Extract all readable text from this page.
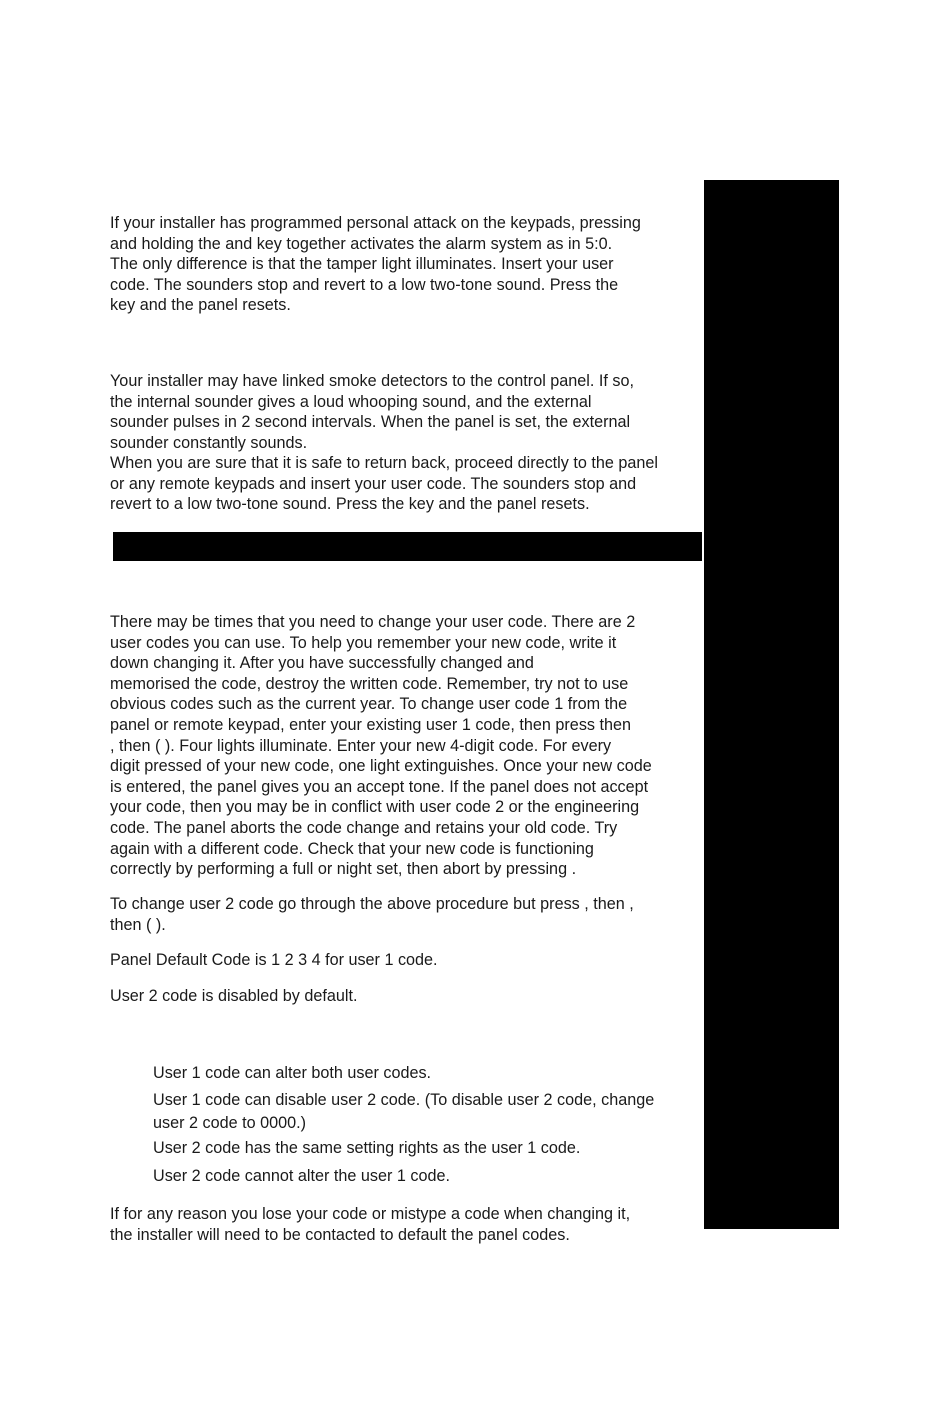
If your installer has programmed personal attack on the keypads, pressing
and holding the and key together activates the alarm system as in 5:0.
The only difference is that the tamper light illuminates. Insert your user
code. The sounders stop and revert to a low two-tone sound. Press the
key and the panel resets.

Your installer may have linked smoke detectors to the control panel. If so,
the internal sounder gives a loud whooping sound, and the external
sounder pulses in 2 second intervals. When the panel is set, the external
sounder constantly sounds.

When you are sure that it is safe to return back, proceed directly to the panel
or any remote keypads and insert your user code. The sounders stop and
revert to a low two-tone sound. Press the key and the panel resets.

There may be times that you need to change your user code. There are 2
user codes you can use. To help you remember your new code, write it
down changing it. After you have successfully changed and
memorised the code, destroy the written code. Remember, try not to use
obvious codes such as the current year. To change user code 1 from the
panel or remote keypad, enter your existing user 1 code, then press then
, then ( ). Four lights illuminate. Enter your new 4-digit code. For every
digit pressed of your new code, one light extinguishes. Once your new code
is entered, the panel gives you an accept tone. If the panel does not accept
your code, then you may be in conflict with user code 2 or the engineering
code. The panel aborts the code change and retains your old code. Try
again with a different code. Check that your new code is functioning
correctly by performing a full or night set, then abort by pressing .

To change user 2 code go through the above procedure but press , then ,
then ( ).

Panel Default Code is 1 2 3 4 for user 1 code.

User 2 code is disabled by default.

User 1 code can alter both user codes.

User 1 code can disable user 2 code. (To disable user 2 code, change
user 2 code to 0000.)

User 2 code has the same setting rights as the user 1 code.

User 2 code cannot alter the user 1 code.

If for any reason you lose your code or mistype a code when changing it,
the installer will need to be contacted to default the panel codes.
